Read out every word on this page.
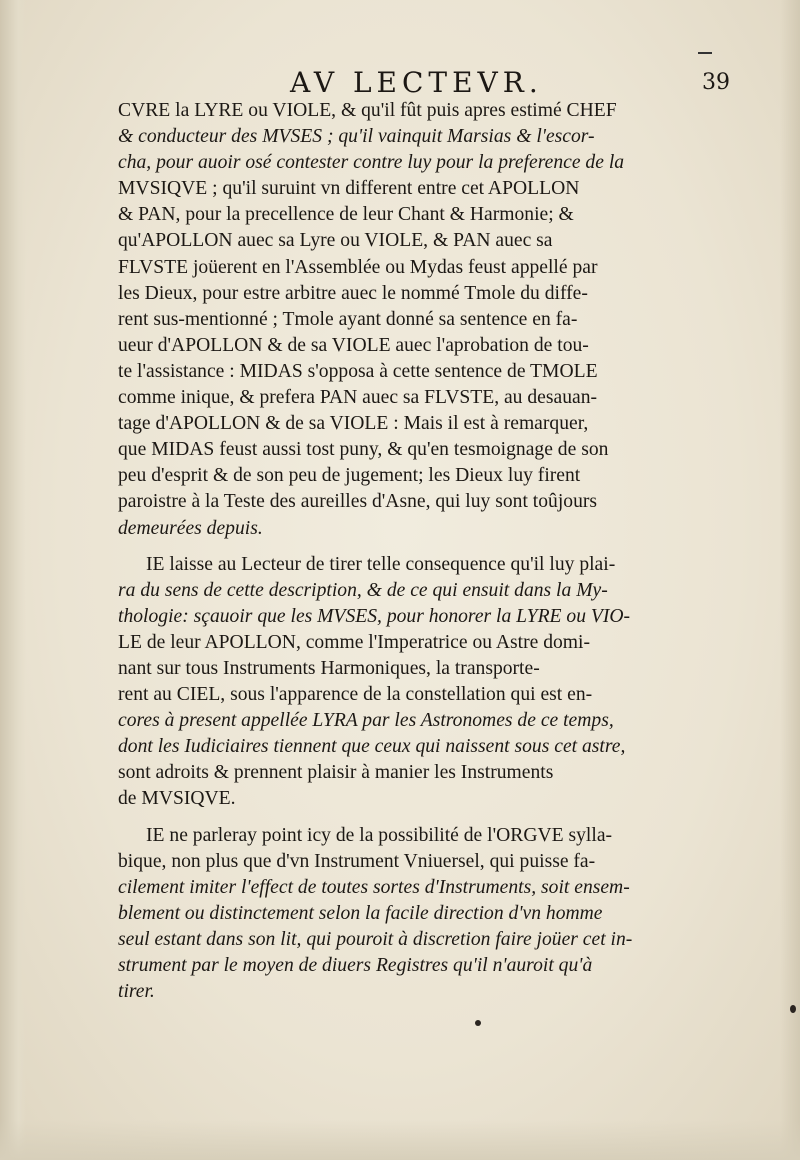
AV LECTEVR.	39
CVRE la LYRE ou VIOLE, & qu'il fût puis apres estimé CHEF
& conducteur des MVSES ; qu'il vainquit Marsias & l'escor-
cha, pour auoir osé contester contre luy pour la preference de la
MVSIQVE ; qu'il suruint vn different entre cet APOLLON
& PAN, pour la precellence de leur Chant & Harmonie; &
qu'APOLLON auec sa Lyre ou VIOLE, & PAN auec sa
FLVSTE joüerent en l'Assemblée ou Mydas feust appellé par
les Dieux, pour estre arbitre auec le nommé Tmole du diffe-
rent sus-mentionné ; Tmole ayant donné sa sentence en fa-
ueur d'APOLLON & de sa VIOLE auec l'aprobation de tou-
te l'assistance : MIDAS s'opposa à cette sentence de TMOLE
comme inique, & prefera PAN auec sa FLVSTE, au desauan-
tage d'APOLLON & de sa VIOLE : Mais il est à remarquer,
que MIDAS feust aussi tost puny, & qu'en tesmoignage de son
peu d'esprit & de son peu de jugement; les Dieux luy firent
paroistre à la Teste des aureilles d'Asne, qui luy sont toûjours
demeurées depuis.
IE laisse au Lecteur de tirer telle consequence qu'il luy plai-
ra du sens de cette description, & de ce qui ensuit dans la My-
thologie: sçauoir que les MVSES, pour honorer la LYRE ou VIO-
LE de leur APOLLON, comme l'Imperatrice ou Astre domi-
nant sur tous Instruments Harmoniques, la transporte-
rent au CIEL, sous l'apparence de la constellation qui est en-
cores à present appellée LYRA par les Astronomes de ce temps,
dont les Iudiciaires tiennent que ceux qui naissent sous cet astre,
sont adroits & prennent plaisir à manier les Instruments
de MVSIQVE.
IE ne parleray point icy de la possibilité de l'ORGVE sylla-
bique, non plus que d'vn Instrument Vniuersel, qui puisse fa-
cilement imiter l'effect de toutes sortes d'Instruments, soit ensem-
blement ou distinctement selon la facile direction d'vn homme
seul estant dans son lit, qui pouroit à discretion faire joüer cet in-
strument par le moyen de diuers Registres qu'il n'auroit qu'à
tirer.
